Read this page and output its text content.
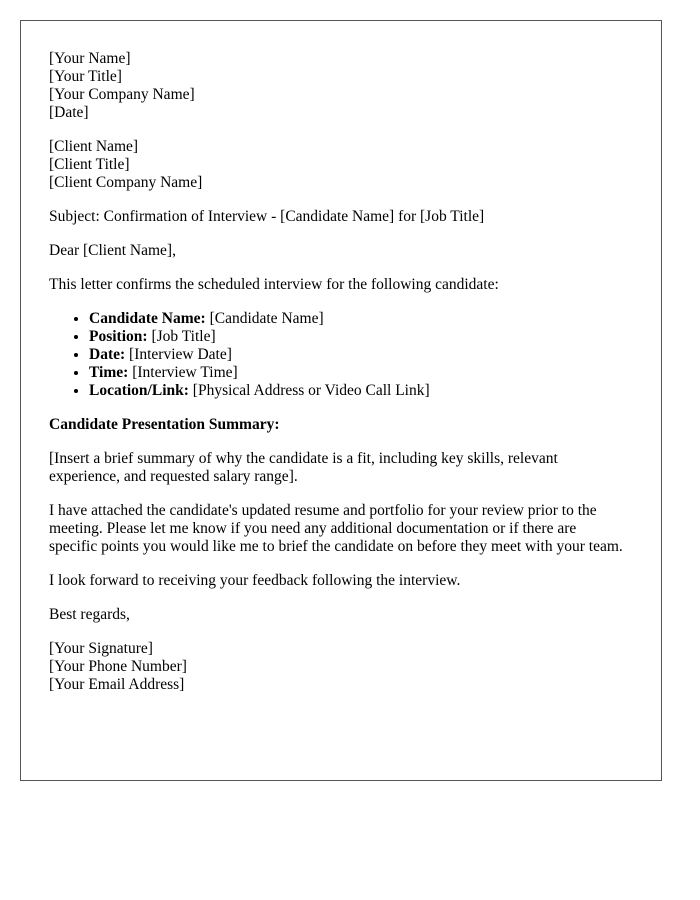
[Your Name]
[Your Title]
[Your Company Name]
[Date]
[Client Name]
[Client Title]
[Client Company Name]

Subject: Confirmation of Interview - [Candidate Name] for [Job Title]

Dear [Client Name],

This letter confirms the scheduled interview for the following candidate:

• Candidate Name: [Candidate Name]
• Position: [Job Title]
• Date: [Interview Date]
• Time: [Interview Time]
• Location/Link: [Physical Address or Video Call Link]
Candidate Presentation Summary:

[Insert a brief summary of why the candidate is a fit, including key skills, relevant experience, and requested salary range].

I have attached the candidate's updated resume and portfolio for your review prior to the meeting. Please let me know if you need any additional documentation or if there are specific points you would like me to brief the candidate on before they meet with your team.

I look forward to receiving your feedback following the interview.

Best regards,

[Your Signature]
[Your Phone Number]
[Your Email Address]
